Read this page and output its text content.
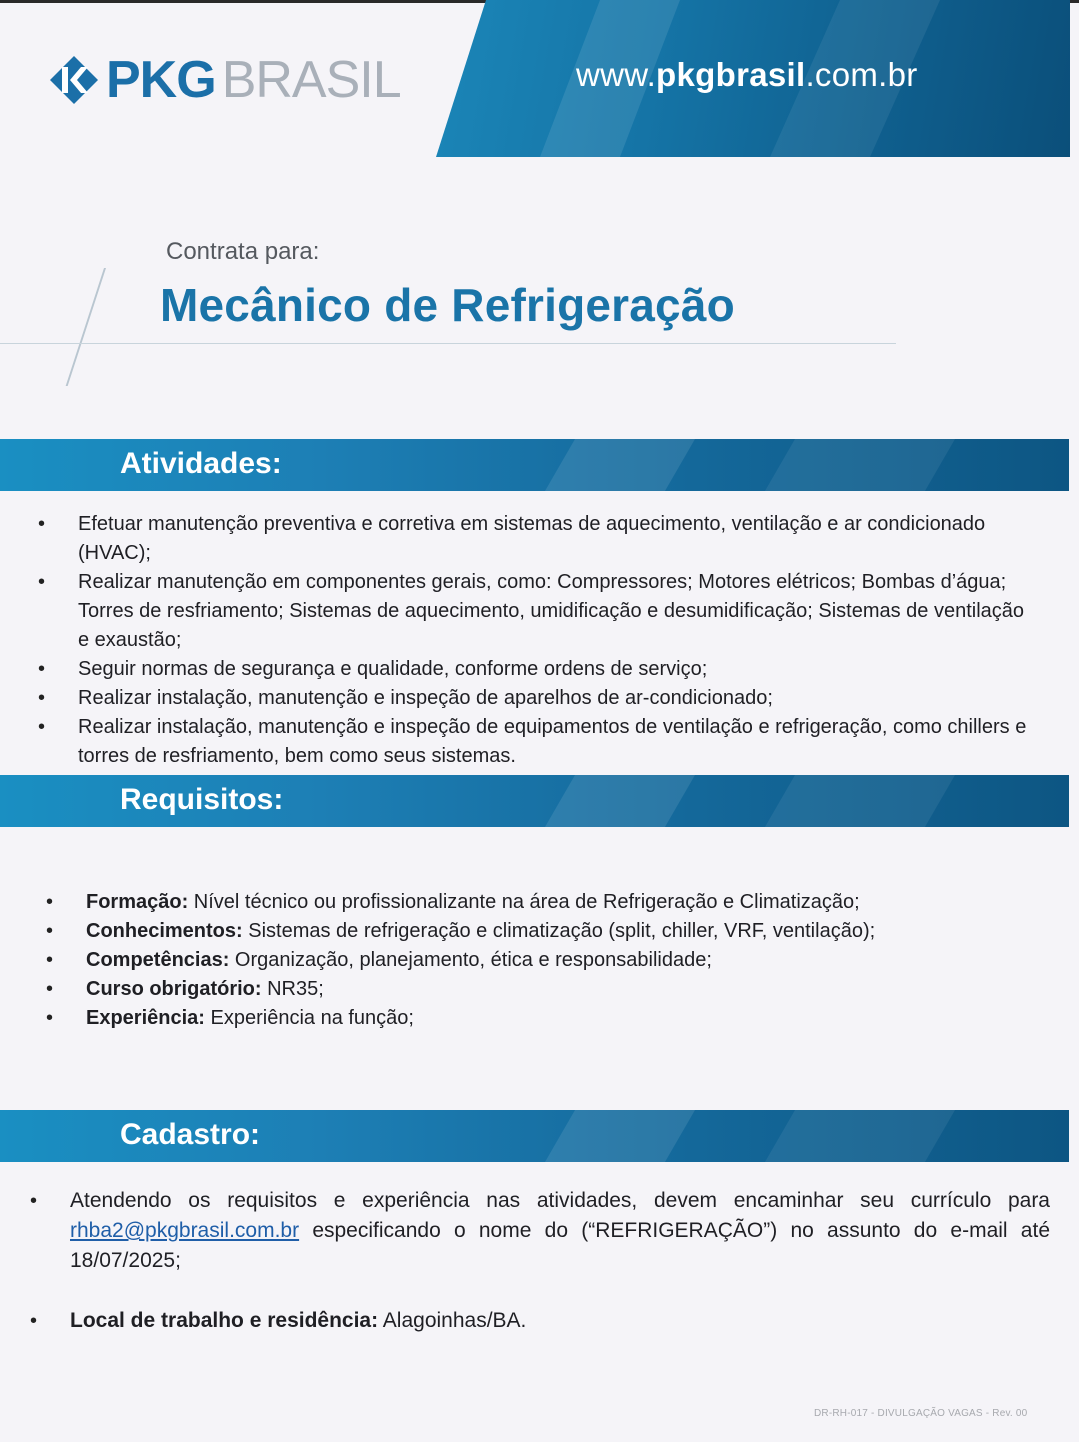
PKG BRASIL	www.pkgbrasil.com.br
Contrata para:
Mecânico de Refrigeração
Atividades:
• Efetuar manutenção preventiva e corretiva em sistemas de aquecimento, ventilação e ar condicionado (HVAC);
• Realizar manutenção em componentes gerais, como: Compressores; Motores elétricos; Bombas d’água; Torres de resfriamento; Sistemas de aquecimento, umidificação e desumidificação; Sistemas de ventilação e exaustão;
• Seguir normas de segurança e qualidade, conforme ordens de serviço;
• Realizar instalação, manutenção e inspeção de aparelhos de ar-condicionado;
• Realizar instalação, manutenção e inspeção de equipamentos de ventilação e refrigeração, como chillers e torres de resfriamento, bem como seus sistemas.
Requisitos:
• Formação: Nível técnico ou profissionalizante na área de Refrigeração e Climatização;
• Conhecimentos: Sistemas de refrigeração e climatização (split, chiller, VRF, ventilação);
• Competências: Organização, planejamento, ética e responsabilidade;
• Curso obrigatório: NR35;
• Experiência: Experiência na função;
Cadastro:
• Atendendo os requisitos e experiência nas atividades, devem encaminhar seu currículo para rhba2@pkgbrasil.com.br especificando o nome do (“REFRIGERAÇÃO”) no assunto do e-mail até 18/07/2025;
• Local de trabalho e residência: Alagoinhas/BA.
DR-RH-017 - DIVULGAÇÃO VAGAS - Rev. 00
